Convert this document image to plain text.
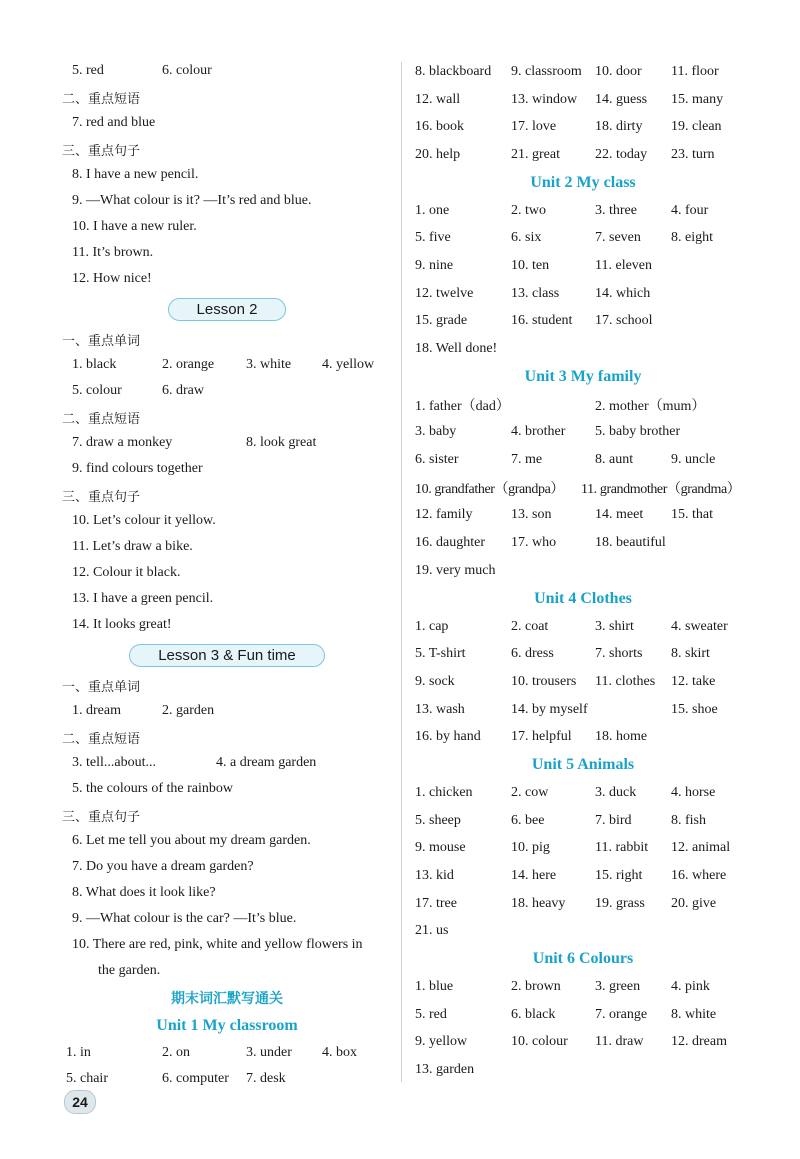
5. red	6. colour
二、重点短语
7. red and blue
三、重点句子
8. I have a new pencil.
9. —What colour is it? —It’s red and blue.
10. I have a new ruler.
11. It’s brown.
12. How nice!
Lesson 2
一、重点单词
1. black	2. orange 3. white 4. yellow
5. colour	6. draw
二、重点短语
7. draw a monkey	8. look great
9. find colours together
三、重点句子
10. Let’s colour it yellow.
11. Let’s draw a bike.
12. Colour it black.
13. I have a green pencil.
14. It looks great!
Lesson 3 & Fun time
一、重点单词
1. dream	2. garden
二、重点短语
3. tell...about...	4. a dream garden
5. the colours of the rainbow
三、重点句子
6. Let me tell you about my dream garden.
7. Do you have a dream garden?
8. What does it look like?
9. —What colour is the car? —It’s blue.
10. There are red, pink, white and yellow flowers in
the garden.
期末词汇默写通关
Unit 1 My classroom
1. in	2. on	3. under 4. box
5. chair	6. computer 7. desk
8. blackboard 9. classroom 10. door 11. floor
12. wall	13. window 14. guess 15. many
16. book	17. love	18. dirty 19. clean
20. help	21. great	22. today 23. turn
Unit 2 My class
1. one	2. two	3. three 4. four
5. five	6. six	7. seven 8. eight
9. nine	10. ten	11. eleven
12. twelve	13. class	14. which
15. grade	16. student 17. school
18. Well done!
Unit 3 My family
1. father（dad）	2. mother（mum）
3. baby	4. brother 5. baby brother
6. sister	7. me	8. aunt	9. uncle
10. grandfather（grandpa） 11. grandmother（grandma）
12. family	13. son	14. meet 15. that
16. daughter 17. who	18. beautiful
19. very much
Unit 4 Clothes
1. cap	2. coat	3. shirt	4. sweater
5. T-shirt	6. dress	7. shorts 8. skirt
9. sock	10. trousers 11. clothes 12. take
13. wash	14. by myself	15. shoe
16. by hand 17. helpful 18. home
Unit 5 Animals
1. chicken	2. cow	3. duck 4. horse
5. sheep	6. bee	7. bird	8. fish
9. mouse	10. pig	11. rabbit 12. animal
13. kid	14. here	15. right 16. where
17. tree	18. heavy 19. grass 20. give
21. us
Unit 6 Colours
1. blue	2. brown 3. green 4. pink
5. red	6. black	7. orange 8. white
9. yellow	10. colour 11. draw 12. dream
13. garden
24
